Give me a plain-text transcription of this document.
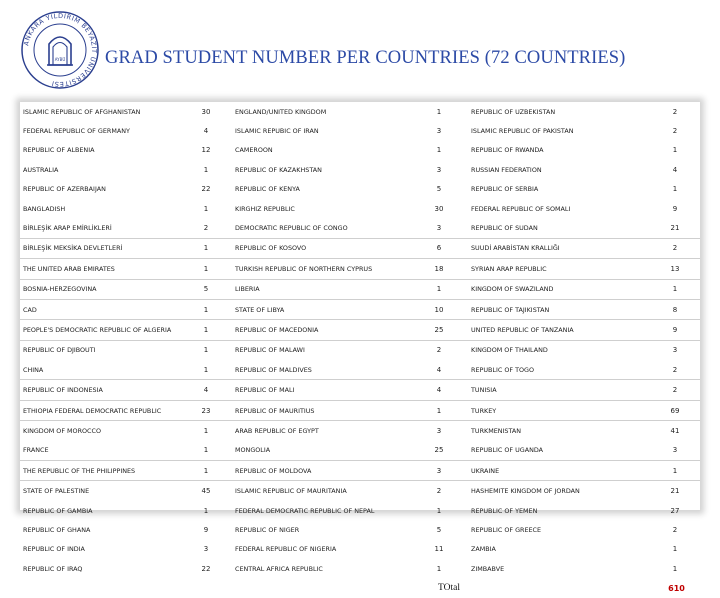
ANKARA YILDIRIM BEYAZIT ÜNİVERSİTESİ
AYBÜ GRAD STUDENT NUMBER PER COUNTRIES (72 COUNTRIES)
ISLAMIC REPUBLIC OF AFGHANISTAN	30	ENGLAND/UNITED KINGDOM	1	REPUBLIC OF UZBEKISTAN	2
FEDERAL REPUBLIC OF GERMANY	4	ISLAMIC REPUBIC OF IRAN	3	ISLAMIC REPUBLIC OF PAKISTAN	2
REPUBLIC OF ALBENIA	12	CAMEROON	1	REPUBLIC OF RWANDA	1
AUSTRALIA	1	REPUBLIC OF KAZAKHSTAN	3	RUSSIAN FEDERATION	4
REPUBLIC OF AZERBAIJAN	22	REPUBLIC OF KENYA	5	REPUBLIC OF SERBIA	1
BANGLADISH	1	KIRGHIZ REPUBLIC	30	FEDERAL REPUBLIC OF SOMALI	9
BİRLEŞİK ARAP EMİRLİKLERİ	2	DEMOCRATIC REPUBLIC OF CONGO	3	REPUBLIC OF SUDAN	21
BİRLEŞİK MEKSİKA DEVLETLERİ	1	REPUBLIC OF KOSOVO	6	SUUDİ ARABİSTAN KRALLIĞI	2
THE UNITED ARAB EMIRATES	1	TURKISH REPUBLIC OF NORTHERN CYPRUS	18	SYRIAN ARAP REPUBLIC	13
BOSNIA-HERZEGOVINA	5	LIBERIA	1	KINGDOM OF SWAZILAND	1
CAD	1	STATE OF LIBYA	10	REPUBLIC OF TAJIKISTAN	8
PEOPLE'S DEMOCRATIC REPUBLIC OF ALGERIA	1	REPUBLIC OF MACEDONIA	25	UNITED REPUBLIC OF TANZANIA	9
REPUBLIC OF DJIBOUTI	1	REPUBLIC OF MALAWI	2	KINGDOM OF THAILAND	3
CHINA	1	REPUBLIC OF MALDIVES	4	REPUBLIC OF TOGO	2
REPUBLIC OF INDONESIA	4	REPUBLIC OF MALI	4	TUNISIA	2
ETHIOPIA FEDERAL DEMOCRATIC REPUBLIC	23	REPUBLIC OF MAURITIUS	1	TURKEY	69
KINGDOM OF MOROCCO	1	ARAB REPUBLIC OF EGYPT	3	TURKMENISTAN	41
FRANCE	1	MONGOLIA	25	REPUBLIC OF UGANDA	3
THE REPUBLIC OF THE PHILIPPINES	1	REPUBLIC OF MOLDOVA	3	UKRAINE	1
STATE OF PALESTINE	45	ISLAMIC REPUBLIC OF MAURITANIA	2	HASHEMITE KINGDOM OF JORDAN	21
REPUBLIC OF GAMBIA	1	FEDERAL DEMOCRATIC REPUBLIC OF NEPAL	1	REPUBLIC OF YEMEN	27
REPUBLIC OF GHANA	9	REPUBLIC OF NIGER	5	REPUBLIC OF GREECE	2
REPUBLIC OF INDIA	3	FEDERAL REPUBLIC OF NIGERIA	11	ZAMBIA	1
REPUBLIC OF IRAQ	22	CENTRAL AFRICA REPUBLIC	1	ZIMBABVE	1
			TOtal		610
